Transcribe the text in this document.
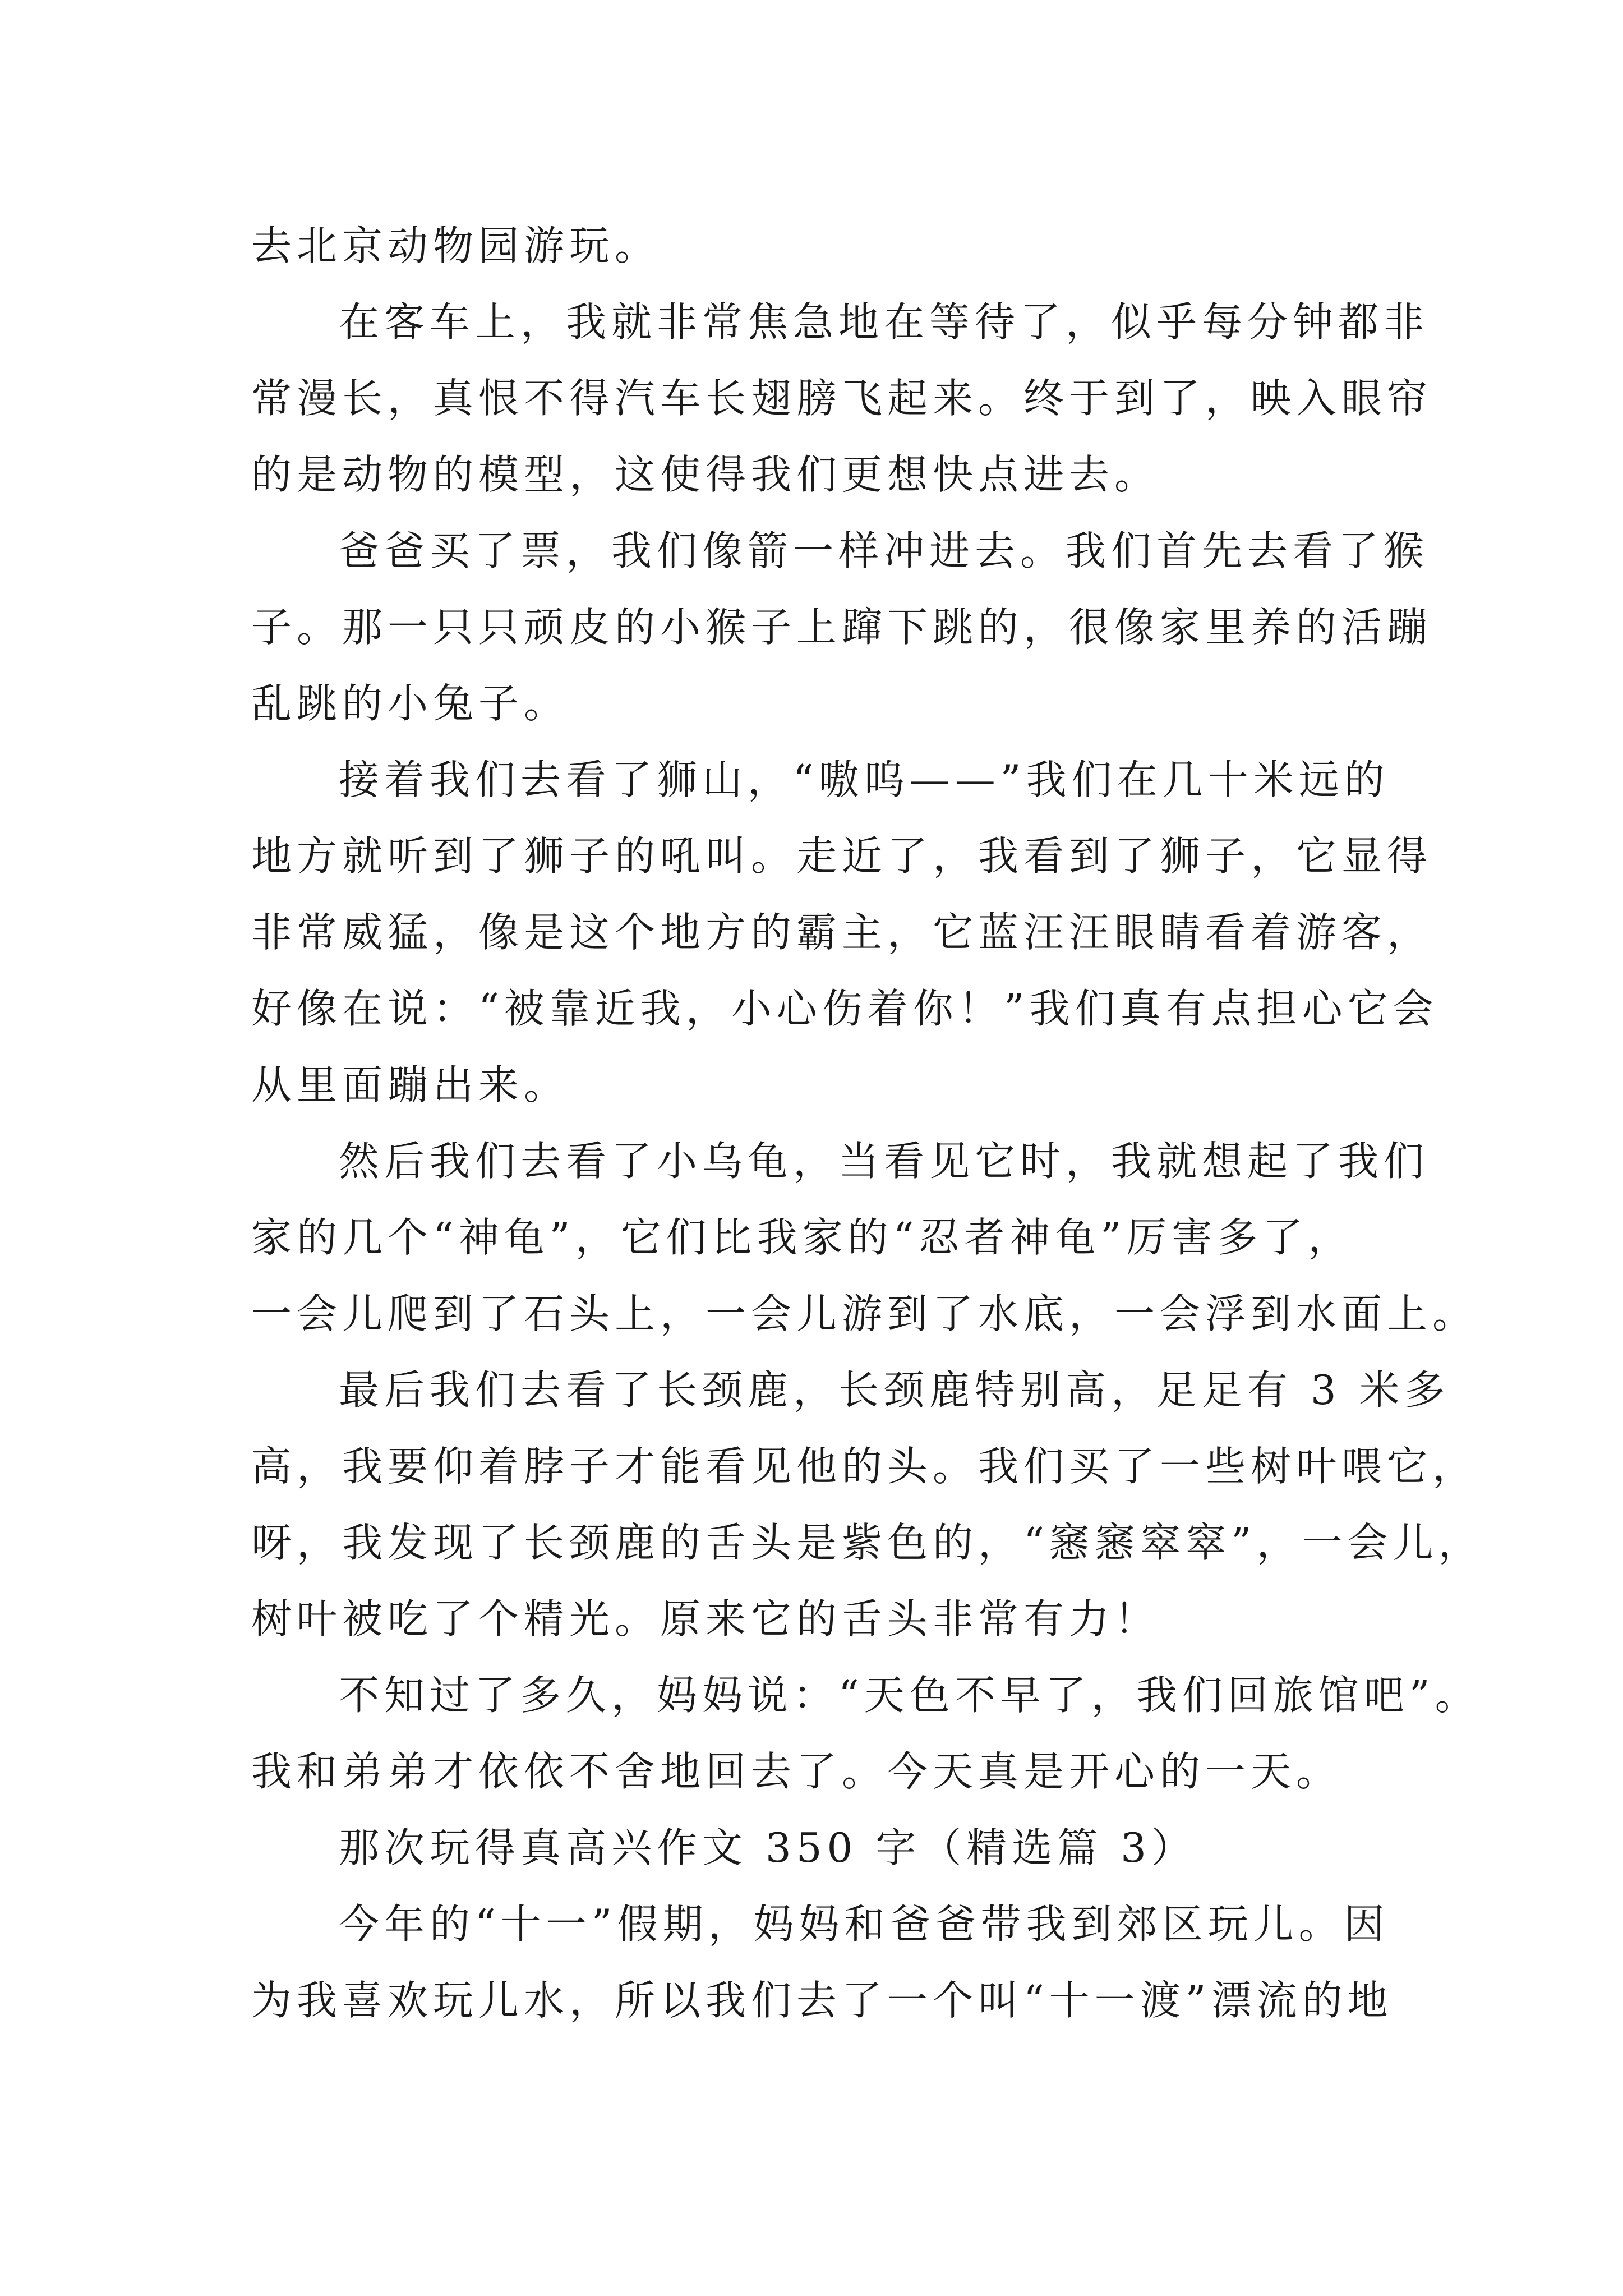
去北京动物园游玩。

在客车上，我就非常焦急地在等待了，似乎每分钟都非

常漫长，真恨不得汽车长翅膀飞起来。终于到了，映入眼帘

的是动物的模型，这使得我们更想快点进去。

爸爸买了票，我们像箭一样冲进去。我们首先去看了猴

子。那一只只顽皮的小猴子上蹿下跳的，很像家里养的活蹦

乱跳的小兔子。

接着我们去看了狮山，“嗷呜——”我们在几十米远的

地方就听到了狮子的吼叫。走近了，我看到了狮子，它显得

非常威猛，像是这个地方的霸主，它蓝汪汪眼睛看着游客，

好像在说：“被靠近我，小心伤着你！”我们真有点担心它会

从里面蹦出来。

然后我们去看了小乌龟，当看见它时，我就想起了我们

家的几个“神龟”，它们比我家的“忍者神龟”厉害多了，

一会儿爬到了石头上，一会儿游到了水底，一会浮到水面上。

最后我们去看了长颈鹿，长颈鹿特别高，足足有 3 米多

高，我要仰着脖子才能看见他的头。我们买了一些树叶喂它，

呀，我发现了长颈鹿的舌头是紫色的，“窸窸窣窣”，一会儿，

树叶被吃了个精光。原来它的舌头非常有力！

不知过了多久，妈妈说：“天色不早了，我们回旅馆吧”。

我和弟弟才依依不舍地回去了。今天真是开心的一天。

那次玩得真高兴作文 350 字（精选篇 3）

今年的“十一”假期，妈妈和爸爸带我到郊区玩儿。因

为我喜欢玩儿水，所以我们去了一个叫“十一渡”漂流的地
